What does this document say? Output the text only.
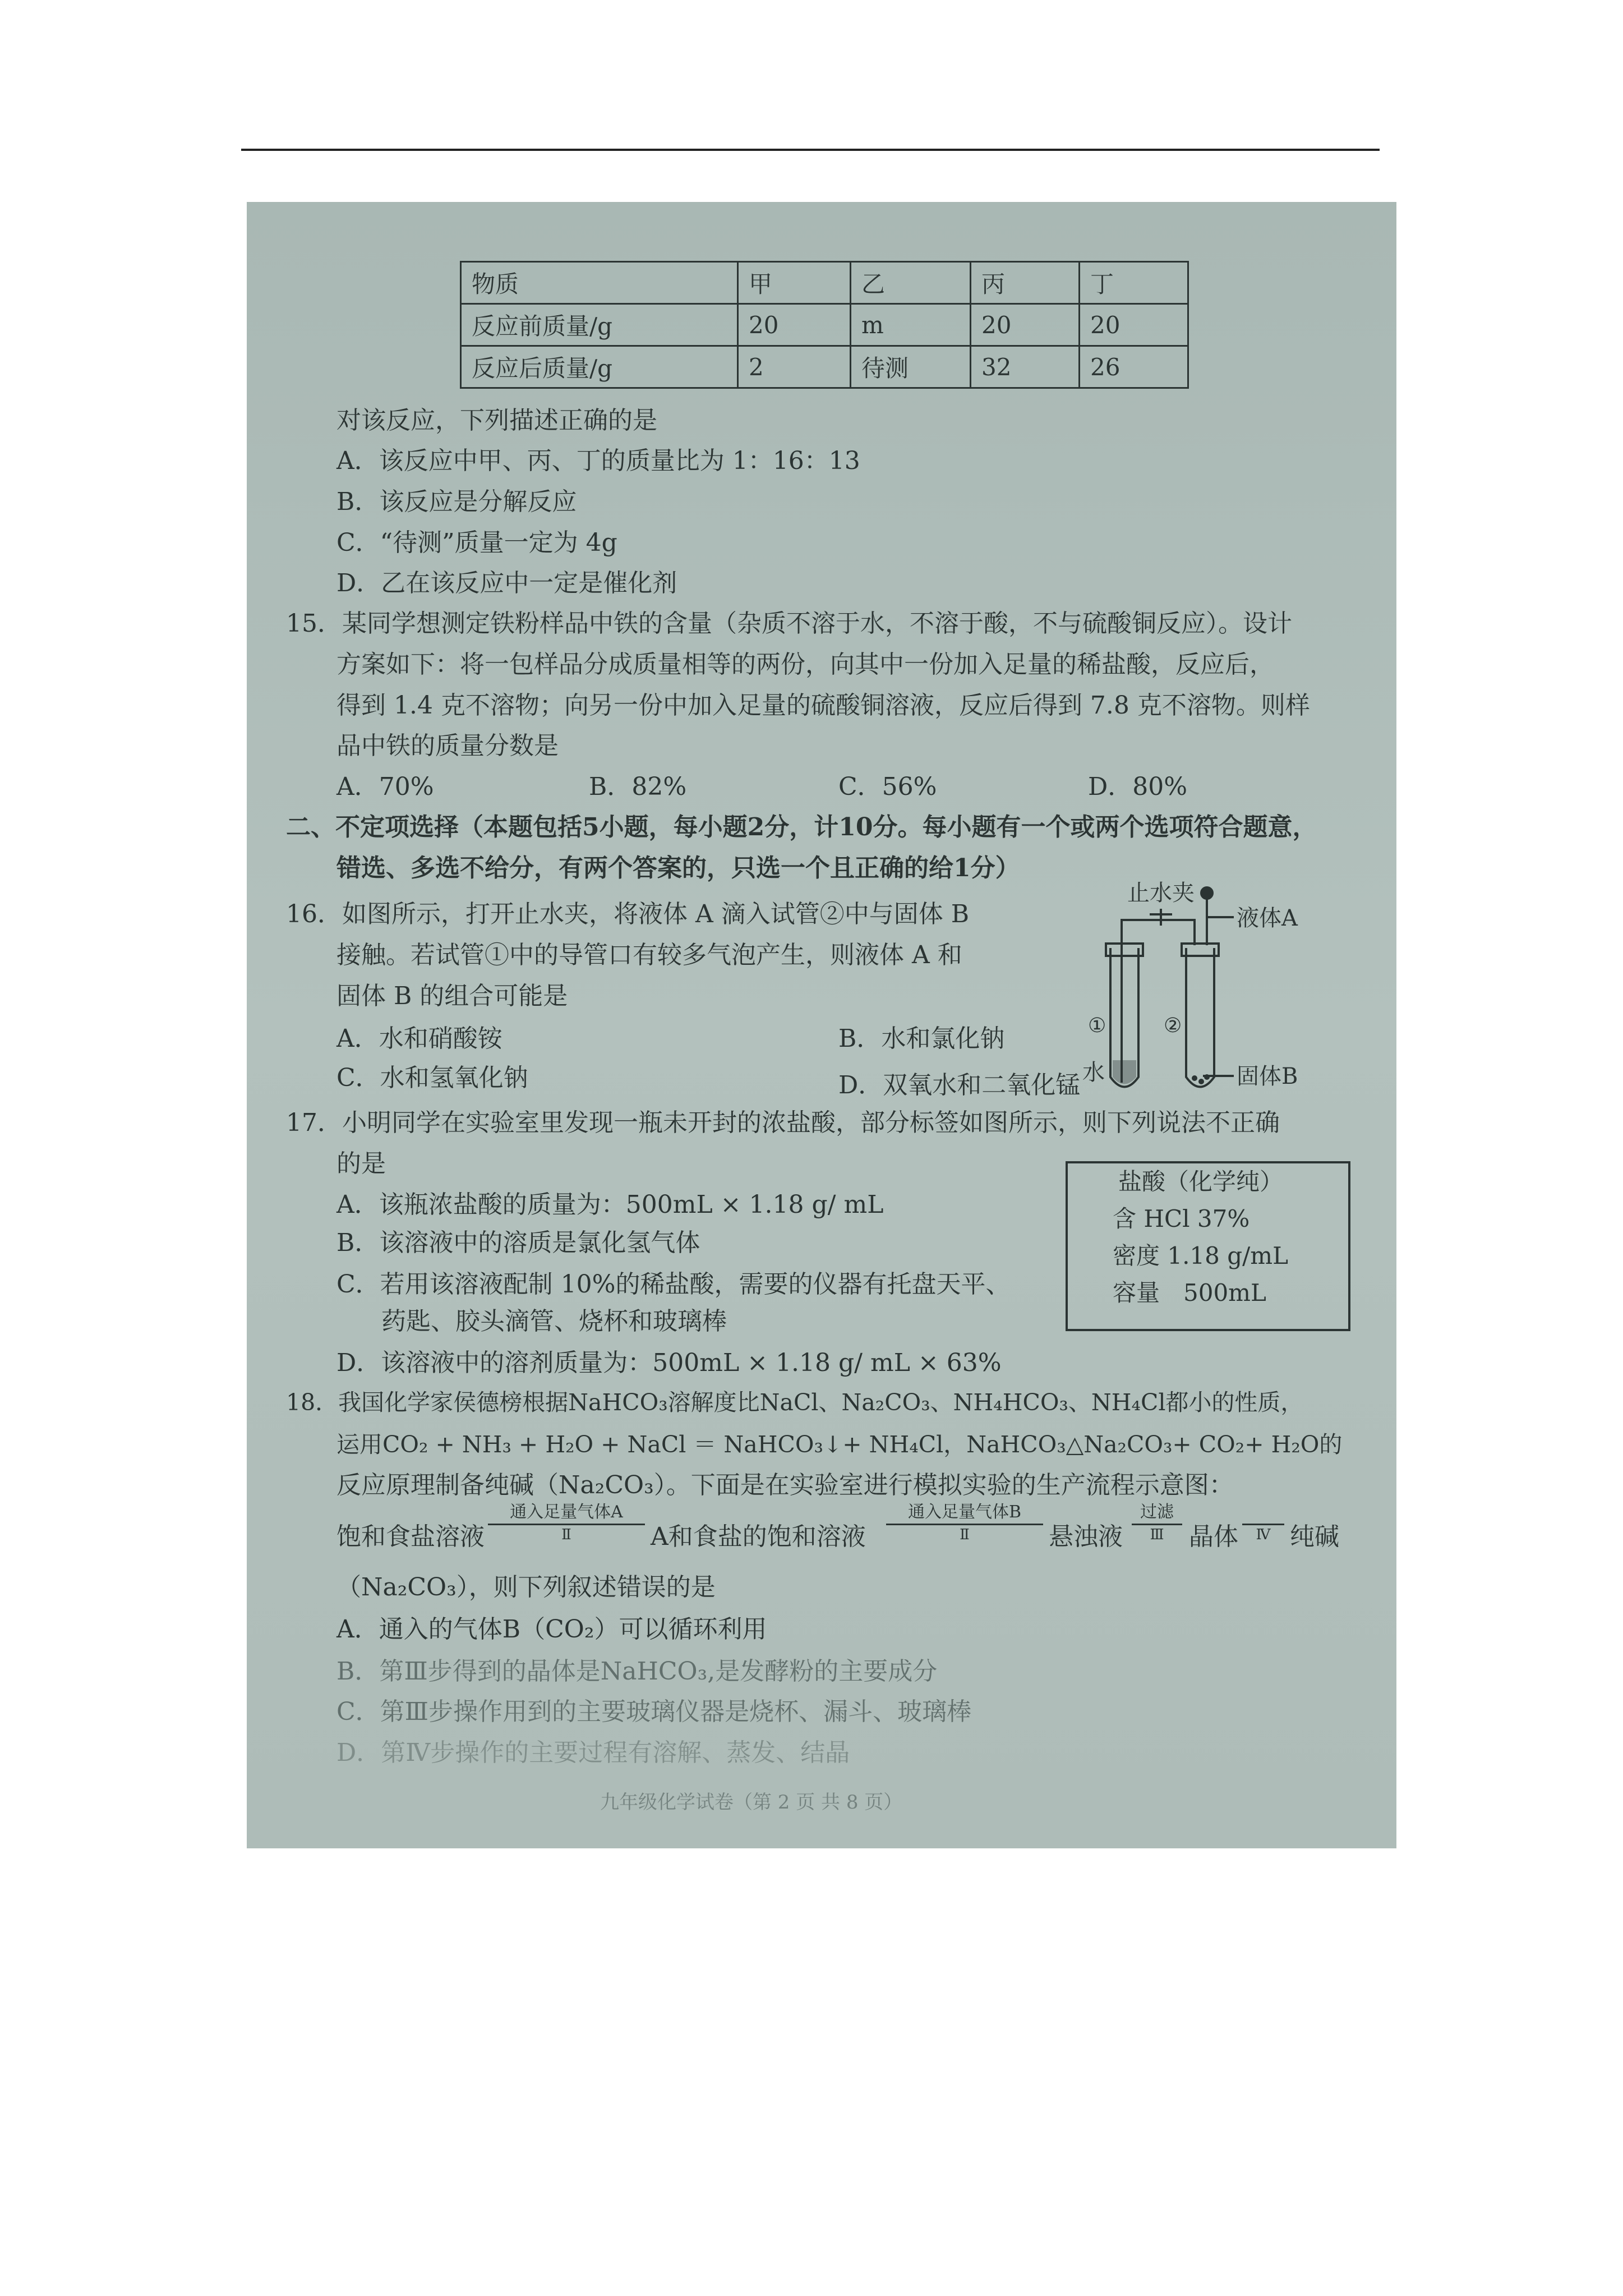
物质	甲	乙	丙	丁
反应前质量/g	20	m	20	20
反应后质量/g	2	待测	32	26
对该反应，下列描述正确的是
A．该反应中甲、丙、丁的质量比为 1：16：13
B．该反应是分解反应
C．“待测”质量一定为 4g
D．乙在该反应中一定是催化剂
15．某同学想测定铁粉样品中铁的含量（杂质不溶于水，不溶于酸，不与硫酸铜反应）。设计
方案如下：将一包样品分成质量相等的两份，向其中一份加入足量的稀盐酸，反应后，
得到 1.4 克不溶物；向另一份中加入足量的硫酸铜溶液，反应后得到 7.8 克不溶物。则样
品中铁的质量分数是
A．70%	B．82%	C．56%	D．80%
二、不定项选择（本题包括5小题，每小题2分，计10分。每小题有一个或两个选项符合题意，
错选、多选不给分，有两个答案的，只选一个且正确的给1分）
16．如图所示，打开止水夹，将液体 A 滴入试管②中与固体 B
接触。若试管①中的导管口有较多气泡产生，则液体 A 和
固体 B 的组合可能是
A．水和硝酸铵	B．水和氯化钠
C．水和氢氧化钠	D．双氧水和二氧化锰
止水夹
液体A
①	②
水	固体B
17．小明同学在实验室里发现一瓶未开封的浓盐酸，部分标签如图所示，则下列说法不正确
的是
A．该瓶浓盐酸的质量为：500mL × 1.18 g/ mL
B．该溶液中的溶质是氯化氢气体
C．若用该溶液配制 10%的稀盐酸，需要的仪器有托盘天平、
药匙、胶头滴管、烧杯和玻璃棒
D．该溶液中的溶剂质量为：500mL × 1.18 g/ mL × 63%
盐酸（化学纯）
含 HCl 37%
密度 1.18 g/mL
容量　500mL
18．我国化学家侯德榜根据NaHCO₃溶解度比NaCl、Na₂CO₃、NH₄HCO₃、NH₄Cl都小的性质，
运用CO₂ + NH₃ + H₂O + NaCl ＝ NaHCO₃↓+ NH₄Cl，NaHCO₃△Na₂CO₃+ CO₂+ H₂O的
反应原理制备纯碱（Na₂CO₃）。下面是在实验室进行模拟实验的生产流程示意图：
饱和食盐溶液
通入足量气体A
Ⅱ	A和食盐的饱和溶液
通入足量气体B
Ⅱ	悬浊液
过滤
Ⅲ	晶体	Ⅳ 纯碱
（Na₂CO₃），则下列叙述错误的是
A．通入的气体B（CO₂）可以循环利用
B．第Ⅲ步得到的晶体是NaHCO₃,是发酵粉的主要成分
C．第Ⅲ步操作用到的主要玻璃仪器是烧杯、漏斗、玻璃棒
D．第Ⅳ步操作的主要过程有溶解、蒸发、结晶
九年级化学试卷（第 2 页 共 8 页）
